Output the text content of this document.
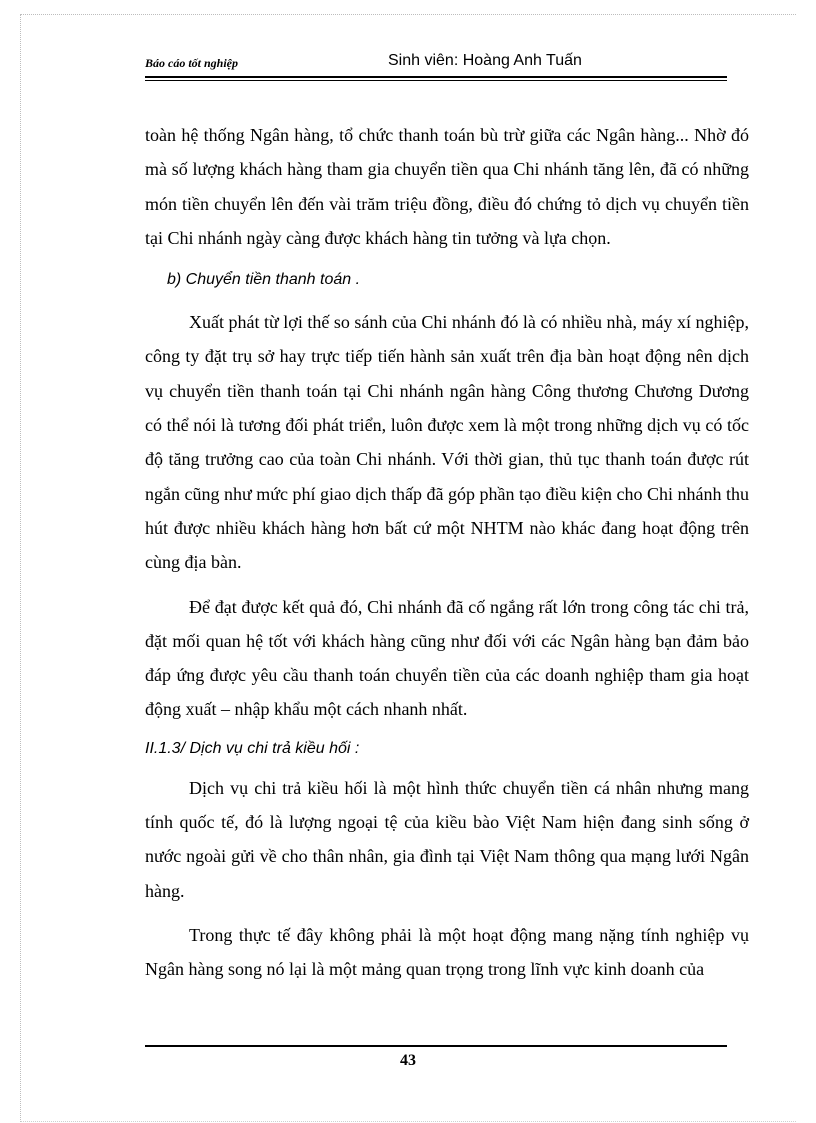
Báo cáo tốt nghiệp	Sinh viên: Hoàng Anh Tuấn

toàn hệ thống Ngân hàng, tổ chức thanh toán bù trừ giữa các Ngân hàng... Nhờ đó mà số lượng khách hàng tham gia chuyển tiền qua Chi nhánh tăng lên, đã có những món tiền chuyển lên đến vài trăm triệu đồng, điều đó chứng tỏ dịch vụ chuyển tiền tại Chi nhánh ngày càng được khách hàng tin tưởng và lựa chọn.

b) Chuyển tiền thanh toán .

Xuất phát từ lợi thế so sánh của Chi nhánh đó là có nhiều nhà, máy xí nghiệp, công ty đặt trụ sở hay trực tiếp tiến hành sản xuất trên địa bàn hoạt động nên dịch vụ chuyển tiền thanh toán tại Chi nhánh ngân hàng Công thương Chương Dương có thể nói là tương đối phát triển, luôn được xem là một trong những dịch vụ có tốc độ tăng trưởng cao của toàn Chi nhánh. Với thời gian, thủ tục thanh toán được rút ngắn cũng như mức phí giao dịch thấp đã góp phần tạo điều kiện cho Chi nhánh thu hút được nhiều khách hàng hơn bất cứ một NHTM nào khác đang hoạt động trên cùng địa bàn.

Để đạt được kết quả đó, Chi nhánh đã cố ngắng rất lớn trong công tác chi trả, đặt mối quan hệ tốt với khách hàng cũng như đối với các Ngân hàng bạn đảm bảo đáp ứng được yêu cầu thanh toán chuyển tiền của các doanh nghiệp tham gia hoạt động xuất – nhập khẩu một cách nhanh nhất.

II.1.3/ Dịch vụ chi trả kiều hối :

Dịch vụ chi trả kiều hối là một hình thức chuyển tiền cá nhân nhưng mang tính quốc tế, đó là lượng ngoại tệ của kiều bào Việt Nam hiện đang sinh sống ở nước ngoài gửi về cho thân nhân, gia đình tại Việt Nam thông qua mạng lưới Ngân hàng.

Trong thực tế đây không phải là một hoạt động mang nặng tính nghiệp vụ Ngân hàng song nó lại là một mảng quan trọng trong lĩnh vực kinh doanh của

43
